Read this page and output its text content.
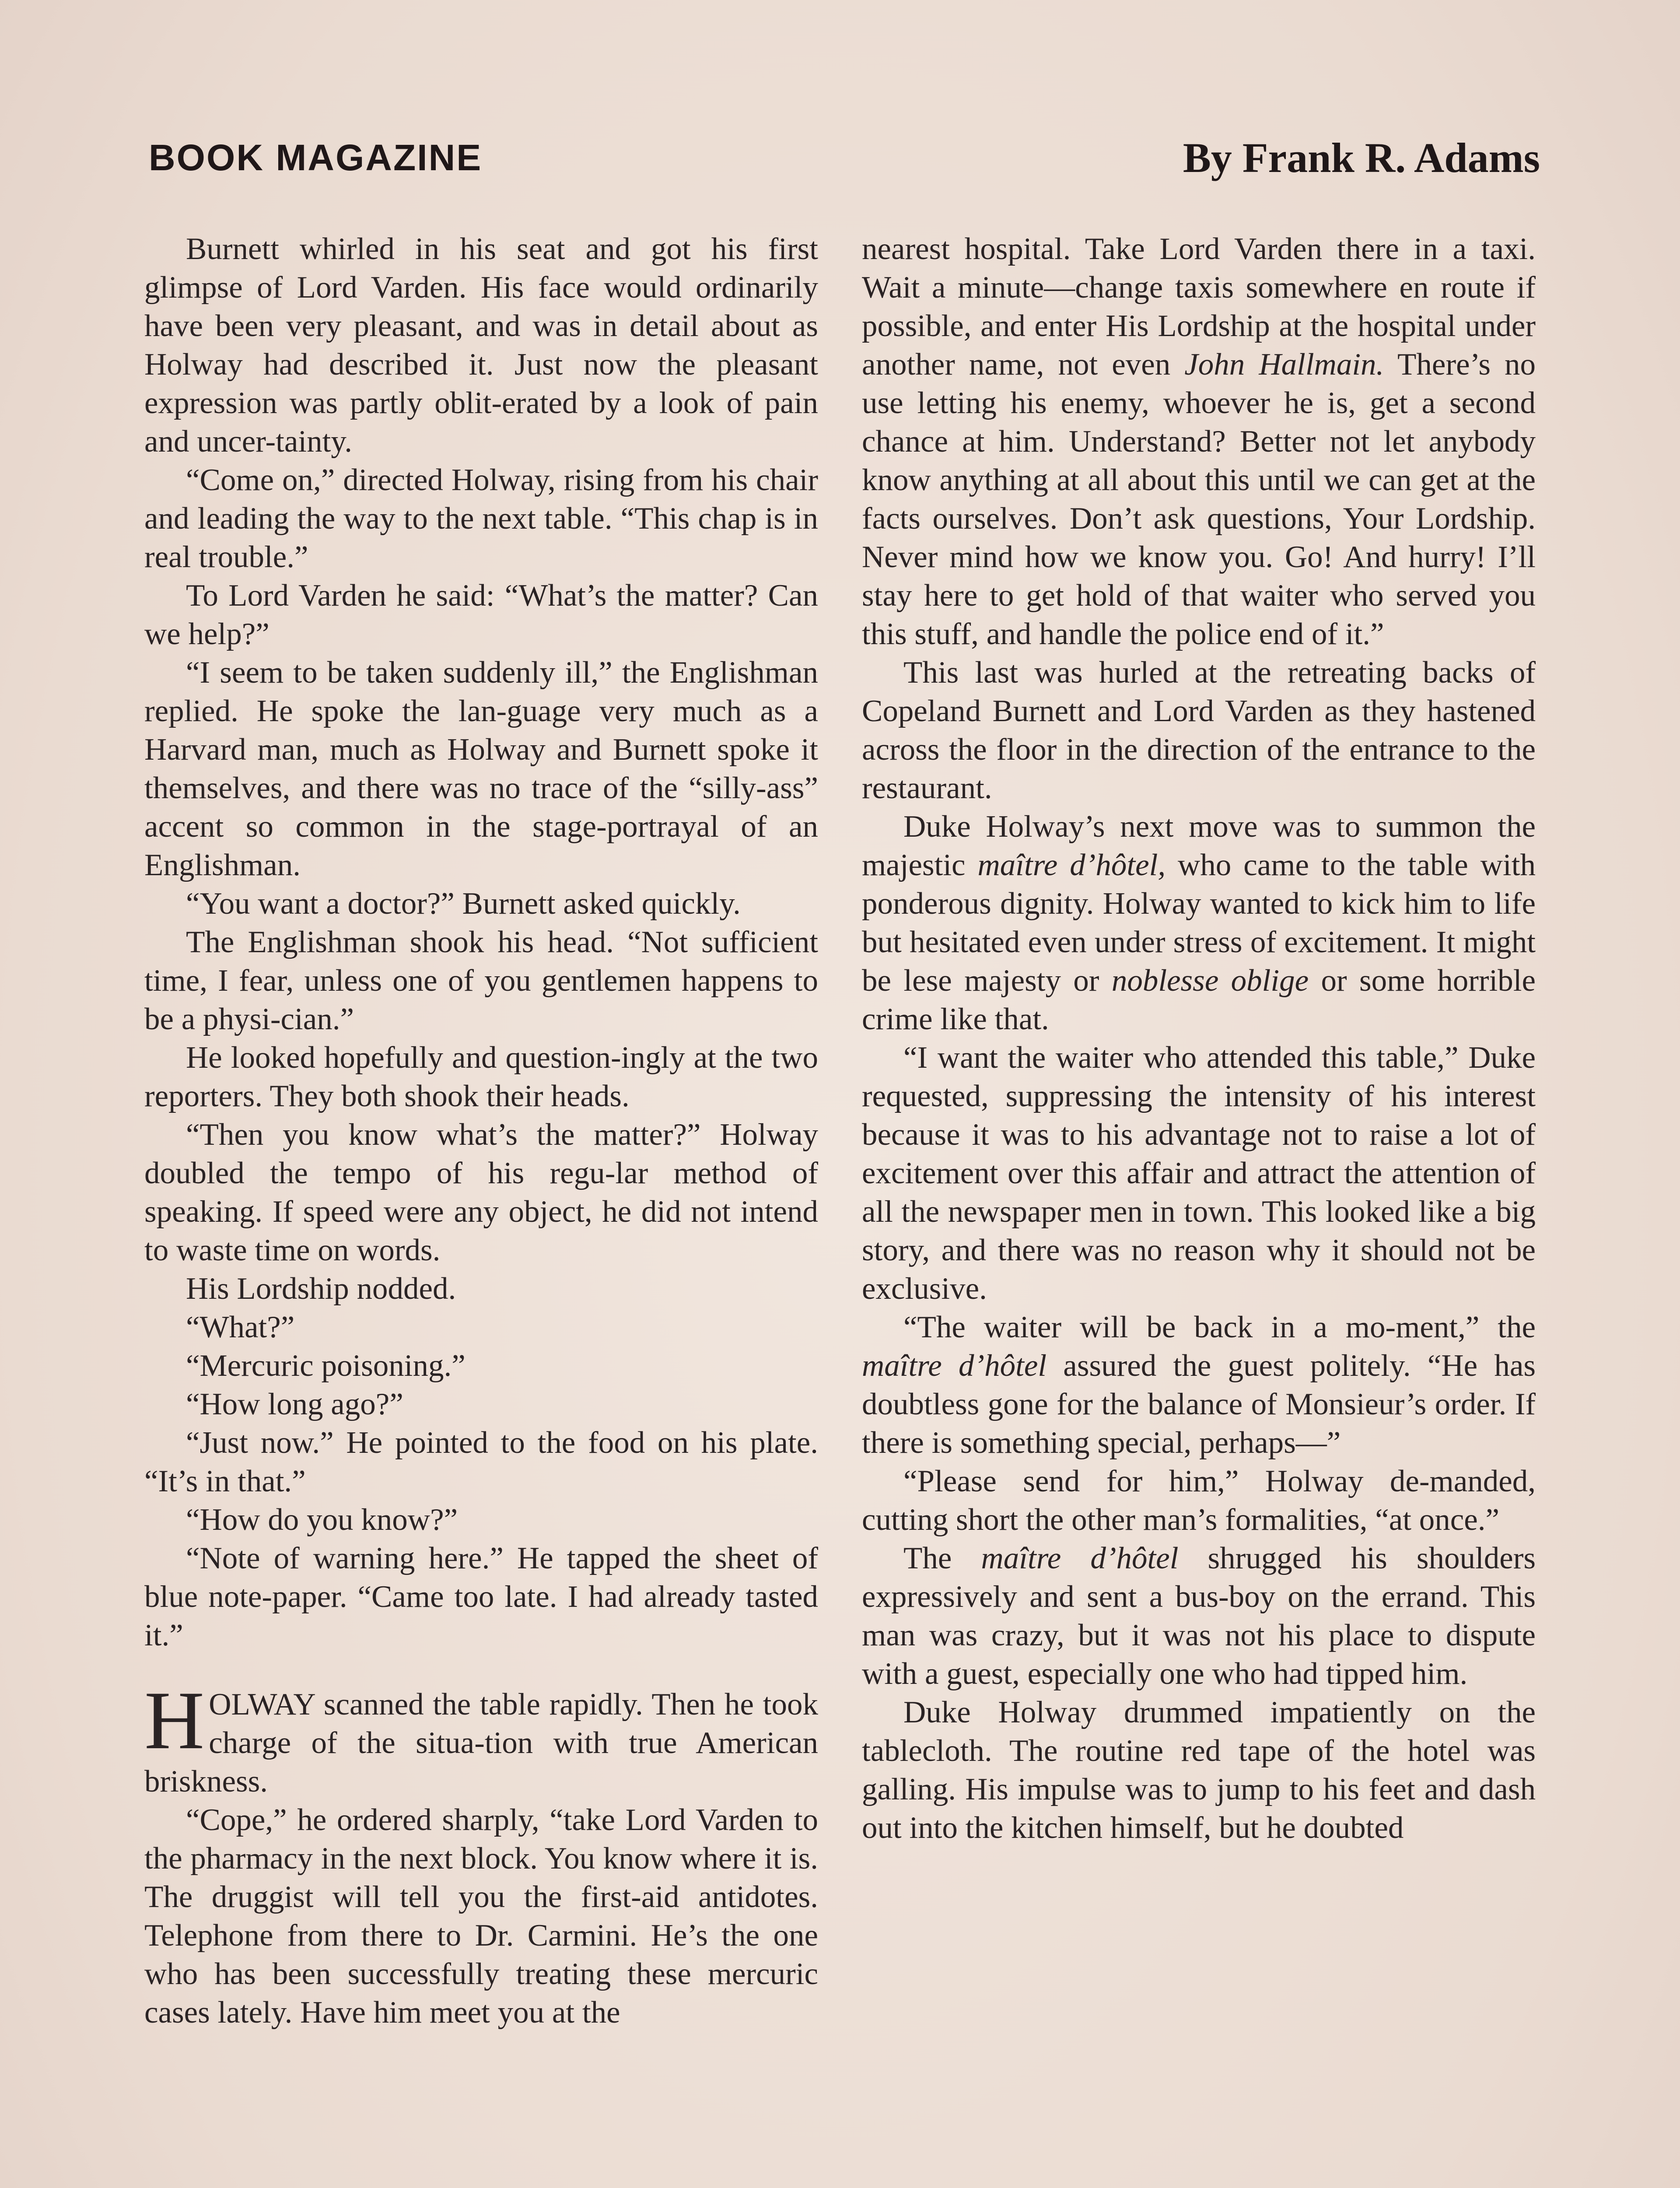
BOOK MAGAZINE	By Frank R. Adams

Burnett whirled in his seat and got his first glimpse of Lord Varden. His face would ordinarily have been very pleasant, and was in detail about as Holway had described it. Just now the pleasant expression was partly oblit-erated by a look of pain and uncer-tainty.

“Come on,” directed Holway, rising from his chair and leading the way to the next table. “This chap is in real trouble.”

To Lord Varden he said: “What’s the matter? Can we help?”

“I seem to be taken suddenly ill,” the Englishman replied. He spoke the lan-guage very much as a Harvard man, much as Holway and Burnett spoke it themselves, and there was no trace of the “silly-ass” accent so common in the stage-portrayal of an Englishman.

“You want a doctor?” Burnett asked quickly.

The Englishman shook his head. “Not sufficient time, I fear, unless one of you gentlemen happens to be a physi-cian.”

He looked hopefully and question-ingly at the two reporters. They both shook their heads.

“Then you know what’s the matter?” Holway doubled the tempo of his regu-lar method of speaking. If speed were any object, he did not intend to waste time on words.

His Lordship nodded.

“What?”

“Mercuric poisoning.”

“How long ago?”

“Just now.” He pointed to the food on his plate. “It’s in that.”

“How do you know?”

“Note of warning here.” He tapped the sheet of blue note-paper. “Came too late. I had already tasted it.”

HOLWAY scanned the table rapidly. Then he took charge of the situa-tion with true American briskness.

“Cope,” he ordered sharply, “take Lord Varden to the pharmacy in the next block. You know where it is. The druggist will tell you the first-aid antidotes. Telephone from there to Dr. Carmini. He’s the one who has been successfully treating these mercuric cases lately. Have him meet you at the

nearest hospital. Take Lord Varden there in a taxi. Wait a minute—change taxis somewhere en route if possible, and enter His Lordship at the hospital under another name, not even John Hallmain. There’s no use letting his enemy, whoever he is, get a second chance at him. Understand? Better not let anybody know anything at all about this until we can get at the facts ourselves. Don’t ask questions, Your Lordship. Never mind how we know you. Go! And hurry! I’ll stay here to get hold of that waiter who served you this stuff, and handle the police end of it.”

This last was hurled at the retreating backs of Copeland Burnett and Lord Varden as they hastened across the floor in the direction of the entrance to the restaurant.

Duke Holway’s next move was to summon the majestic maître d’hôtel, who came to the table with ponderous dignity. Holway wanted to kick him to life but hesitated even under stress of excitement. It might be lese majesty or noblesse oblige or some horrible crime like that.

“I want the waiter who attended this table,” Duke requested, suppressing the intensity of his interest because it was to his advantage not to raise a lot of excitement over this affair and attract the attention of all the newspaper men in town. This looked like a big story, and there was no reason why it should not be exclusive.

“The waiter will be back in a mo-ment,” the maître d’hôtel assured the guest politely. “He has doubtless gone for the balance of Monsieur’s order. If there is something special, perhaps—”

“Please send for him,” Holway de-manded, cutting short the other man’s formalities, “at once.”

The maître d’hôtel shrugged his shoulders expressively and sent a bus-boy on the errand. This man was crazy, but it was not his place to dispute with a guest, especially one who had tipped him.

Duke Holway drummed impatiently on the tablecloth. The routine red tape of the hotel was galling. His impulse was to jump to his feet and dash out into the kitchen himself, but he doubted
